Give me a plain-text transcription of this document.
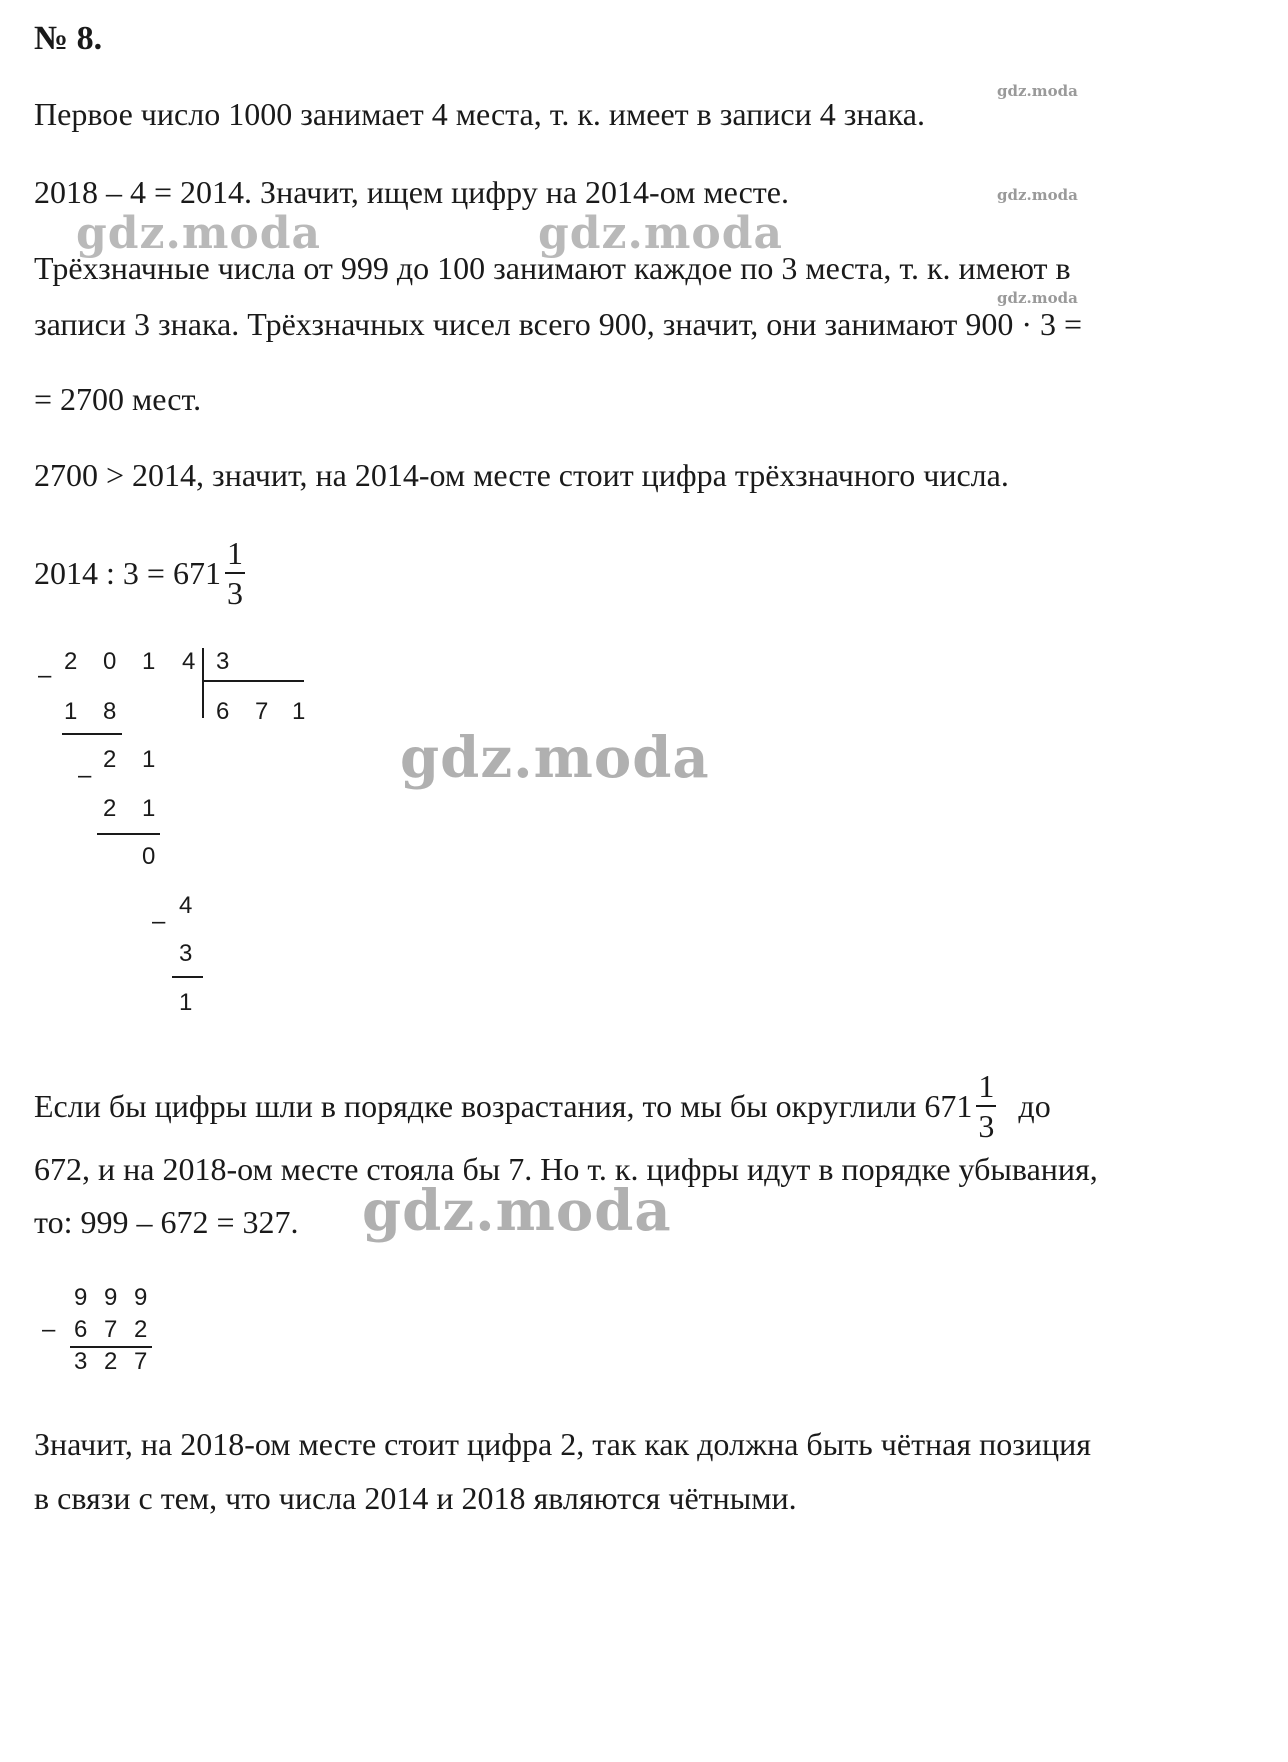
№ 8.
Первое число 1000 занимает 4 места, т. к. имеет в записи 4 знака.
2018 – 4 = 2014. Значит, ищем цифру на 2014-ом месте.
Трёхзначные числа от 999 до 100 занимают каждое по 3 места, т. к. имеют в
записи 3 знака. Трёхзначных чисел всего 900, значит, они занимают 900 · 3 =
= 2700 мест.
2700 > 2014, значит, на 2014-ом месте стоит цифра трёхзначного числа.
2014 : $3 = 671 \frac{1}{3}$
–
2 0 1 4 3
6 7 1
1 8
–
2 1
2 1
0
–
4
3
1
Если бы цифры шли в порядке возрастания, то мы бы округлили $671 \frac{1}{3}$ до
672, и на 2018-ом месте стояла бы 7. Но т. к. цифры идут в порядке убывания,
то: 999 – 672 = 327.
9 9 9
– 6 7 2
3 2 7
Значит, на 2018-ом месте стоит цифра 2, так как должна быть чётная позиция
в связи с тем, что числа 2014 и 2018 являются чётными.
gdz.moda
gdz.moda
gdz.moda
gdz.moda	gdz.moda
gdz.moda
gdz.moda
